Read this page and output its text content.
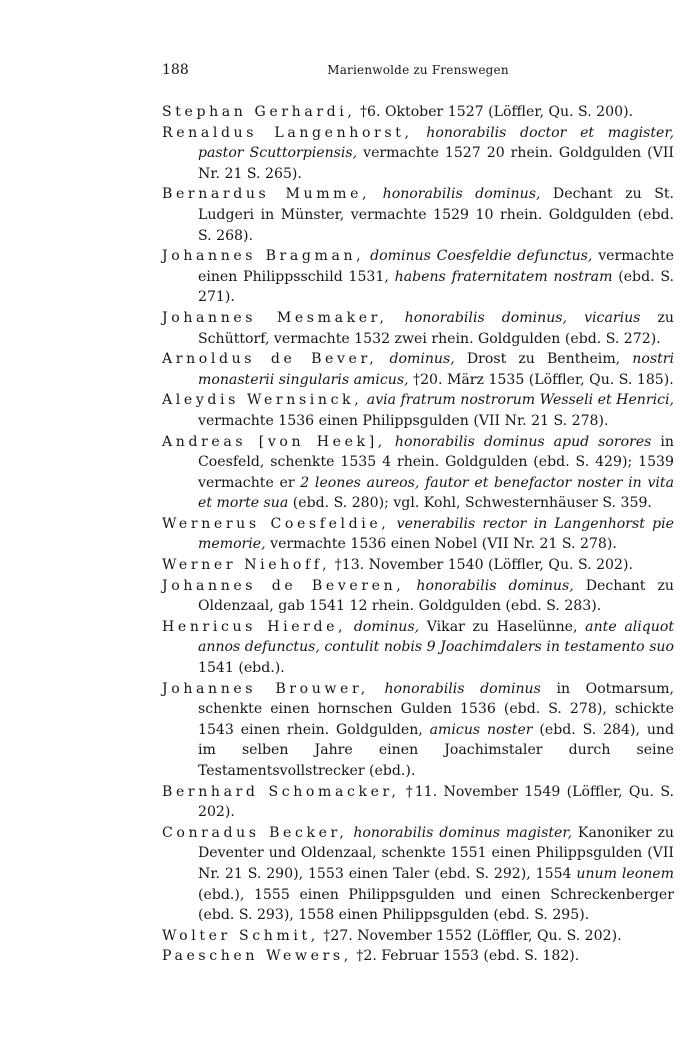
188	Marienwolde zu Frenswegen

Stephan Gerhardi, †6. Oktober 1527 (Löffler, Qu. S. 200).

Renaldus Langenhorst, honorabilis doctor et magister, pastor Scuttorpiensis, vermachte 1527 20 rhein. Goldgulden (VII Nr. 21 S. 265).

Bernardus Mumme, honorabilis dominus, Dechant zu St. Ludgeri in Münster, vermachte 1529 10 rhein. Goldgulden (ebd. S. 268).

Johannes Bragman, dominus Coesfeldie defunctus, vermachte einen Philippsschild 1531, habens fraternitatem nostram (ebd. S. 271).

Johannes Mesmaker, honorabilis dominus, vicarius zu Schüttorf, vermachte 1532 zwei rhein. Goldgulden (ebd. S. 272).

Arnoldus de Bever, dominus, Drost zu Bentheim, nostri monasterii singularis amicus, †20. März 1535 (Löffler, Qu. S. 185).

Aleydis Wernsinck, avia fratrum nostrorum Wesseli et Henrici, vermachte 1536 einen Philippsgulden (VII Nr. 21 S. 278).

Andreas [von Heek], honorabilis dominus apud sorores in Coesfeld, schenkte 1535 4 rhein. Goldgulden (ebd. S. 429); 1539 vermachte er 2 leones aureos, fautor et benefactor noster in vita et morte sua (ebd. S. 280); vgl. Kohl, Schwesternhäuser S. 359.

Wernerus Coesfeldie, venerabilis rector in Langenhorst pie memorie, vermachte 1536 einen Nobel (VII Nr. 21 S. 278).

Werner Niehoff, †13. November 1540 (Löffler, Qu. S. 202).

Johannes de Beveren, honorabilis dominus, Dechant zu Oldenzaal, gab 1541 12 rhein. Goldgulden (ebd. S. 283).

Henricus Hierde, dominus, Vikar zu Haselünne, ante aliquot annos defunctus, contulit nobis 9 Joachimdalers in testamento suo 1541 (ebd.).

Johannes Brouwer, honorabilis dominus in Ootmarsum, schenkte einen hornschen Gulden 1536 (ebd. S. 278), schickte 1543 einen rhein. Goldgulden, amicus noster (ebd. S. 284), und im selben Jahre einen Joachimstaler durch seine Testamentsvollstrecker (ebd.).

Bernhard Schomacker, †11. November 1549 (Löffler, Qu. S. 202).

Conradus Becker, honorabilis dominus magister, Kanoniker zu Deventer und Oldenzaal, schenkte 1551 einen Philippsgulden (VII Nr. 21 S. 290), 1553 einen Taler (ebd. S. 292), 1554 unum leonem (ebd.), 1555 einen Philippsgulden und einen Schreckenberger (ebd. S. 293), 1558 einen Philippsgulden (ebd. S. 295).

Wolter Schmit, †27. November 1552 (Löffler, Qu. S. 202).

Paeschen Wewers, †2. Februar 1553 (ebd. S. 182).
